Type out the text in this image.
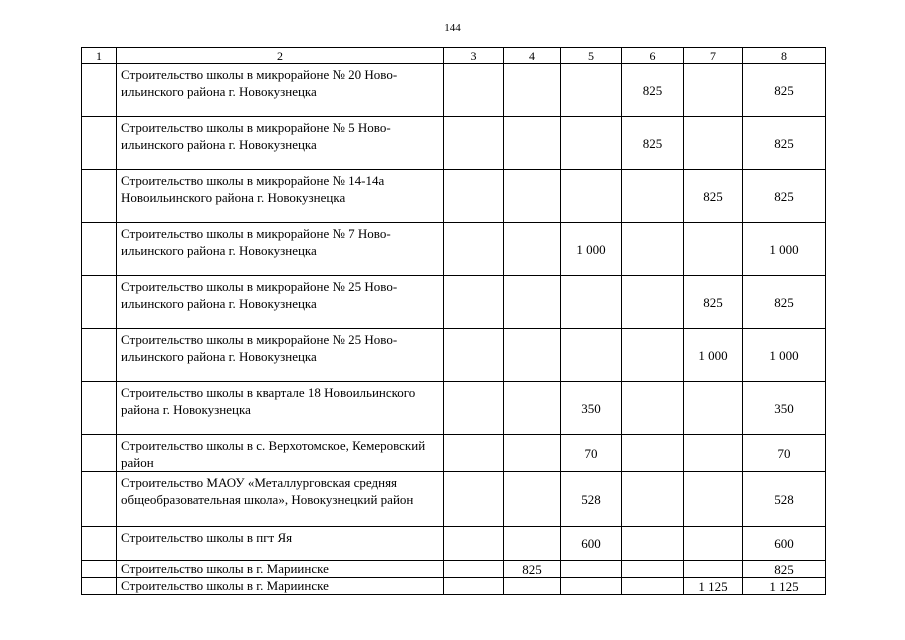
144
1	2	3	4	5	6	7	8
	Строительство школы в микрорайоне № 20 Ново-ильинского района г. Новокузнецка				825		825
	Строительство школы в микрорайоне № 5 Ново-ильинского района г. Новокузнецка				825		825
	Строительство школы в микрорайоне № 14-14а Новоильинского района г. Новокузнецка					825	825
	Строительство школы в микрорайоне № 7 Ново-ильинского района г. Новокузнецка			1 000			1 000
	Строительство школы в микрорайоне № 25 Ново-ильинского района г. Новокузнецка					825	825
	Строительство школы в микрорайоне № 25 Ново-ильинского района г. Новокузнецка					1 000	1 000
	Строительство школы в квартале 18 Новоильинского района г. Новокузнецка			350			350
	Строительство школы в с. Верхотомское, Кемеровский район			70			70
	Строительство МАОУ «Металлурговская средняя общеобразовательная школа», Новокузнецкий район			528			528
	Строительство школы в пгт Яя			600			600
	Строительство школы в г. Мариинске		825				825
	Строительство школы в г. Мариинске					1 125	1 125
